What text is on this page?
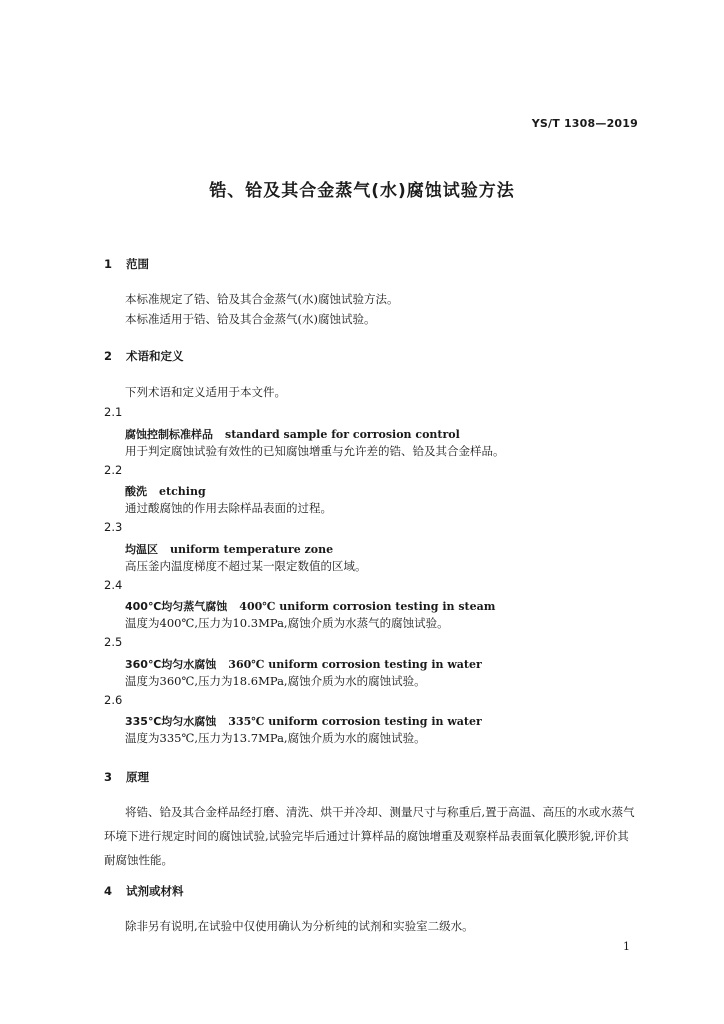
YS/T 1308—2019
锆、铪及其合金蒸气(水)腐蚀试验方法
1 范围
本标准规定了锆、铪及其合金蒸气(水)腐蚀试验方法。
本标准适用于锆、铪及其合金蒸气(水)腐蚀试验。
2 术语和定义
下列术语和定义适用于本文件。
2.1
腐蚀控制标准样品 standard sample for corrosion control
用于判定腐蚀试验有效性的已知腐蚀增重与允许差的锆、铪及其合金样品。
2.2
酸洗 etching
通过酸腐蚀的作用去除样品表面的过程。
2.3
均温区 uniform temperature zone
高压釜内温度梯度不超过某一限定数值的区域。
2.4
400℃均匀蒸气腐蚀 400℃ uniform corrosion testing in steam
温度为400℃,压力为10.3MPa,腐蚀介质为水蒸气的腐蚀试验。
2.5
360℃均匀水腐蚀 360℃ uniform corrosion testing in water
温度为360℃,压力为18.6MPa,腐蚀介质为水的腐蚀试验。
2.6
335℃均匀水腐蚀 335℃ uniform corrosion testing in water
温度为335℃,压力为13.7MPa,腐蚀介质为水的腐蚀试验。
3 原理
将锆、铪及其合金样品经打磨、清洗、烘干并冷却、测量尺寸与称重后,置于高温、高压的水或水蒸气环境下进行规定时间的腐蚀试验,试验完毕后通过计算样品的腐蚀增重及观察样品表面氧化膜形貌,评价其耐腐蚀性能。
4 试剂或材料
除非另有说明,在试验中仅使用确认为分析纯的试剂和实验室二级水。
1
